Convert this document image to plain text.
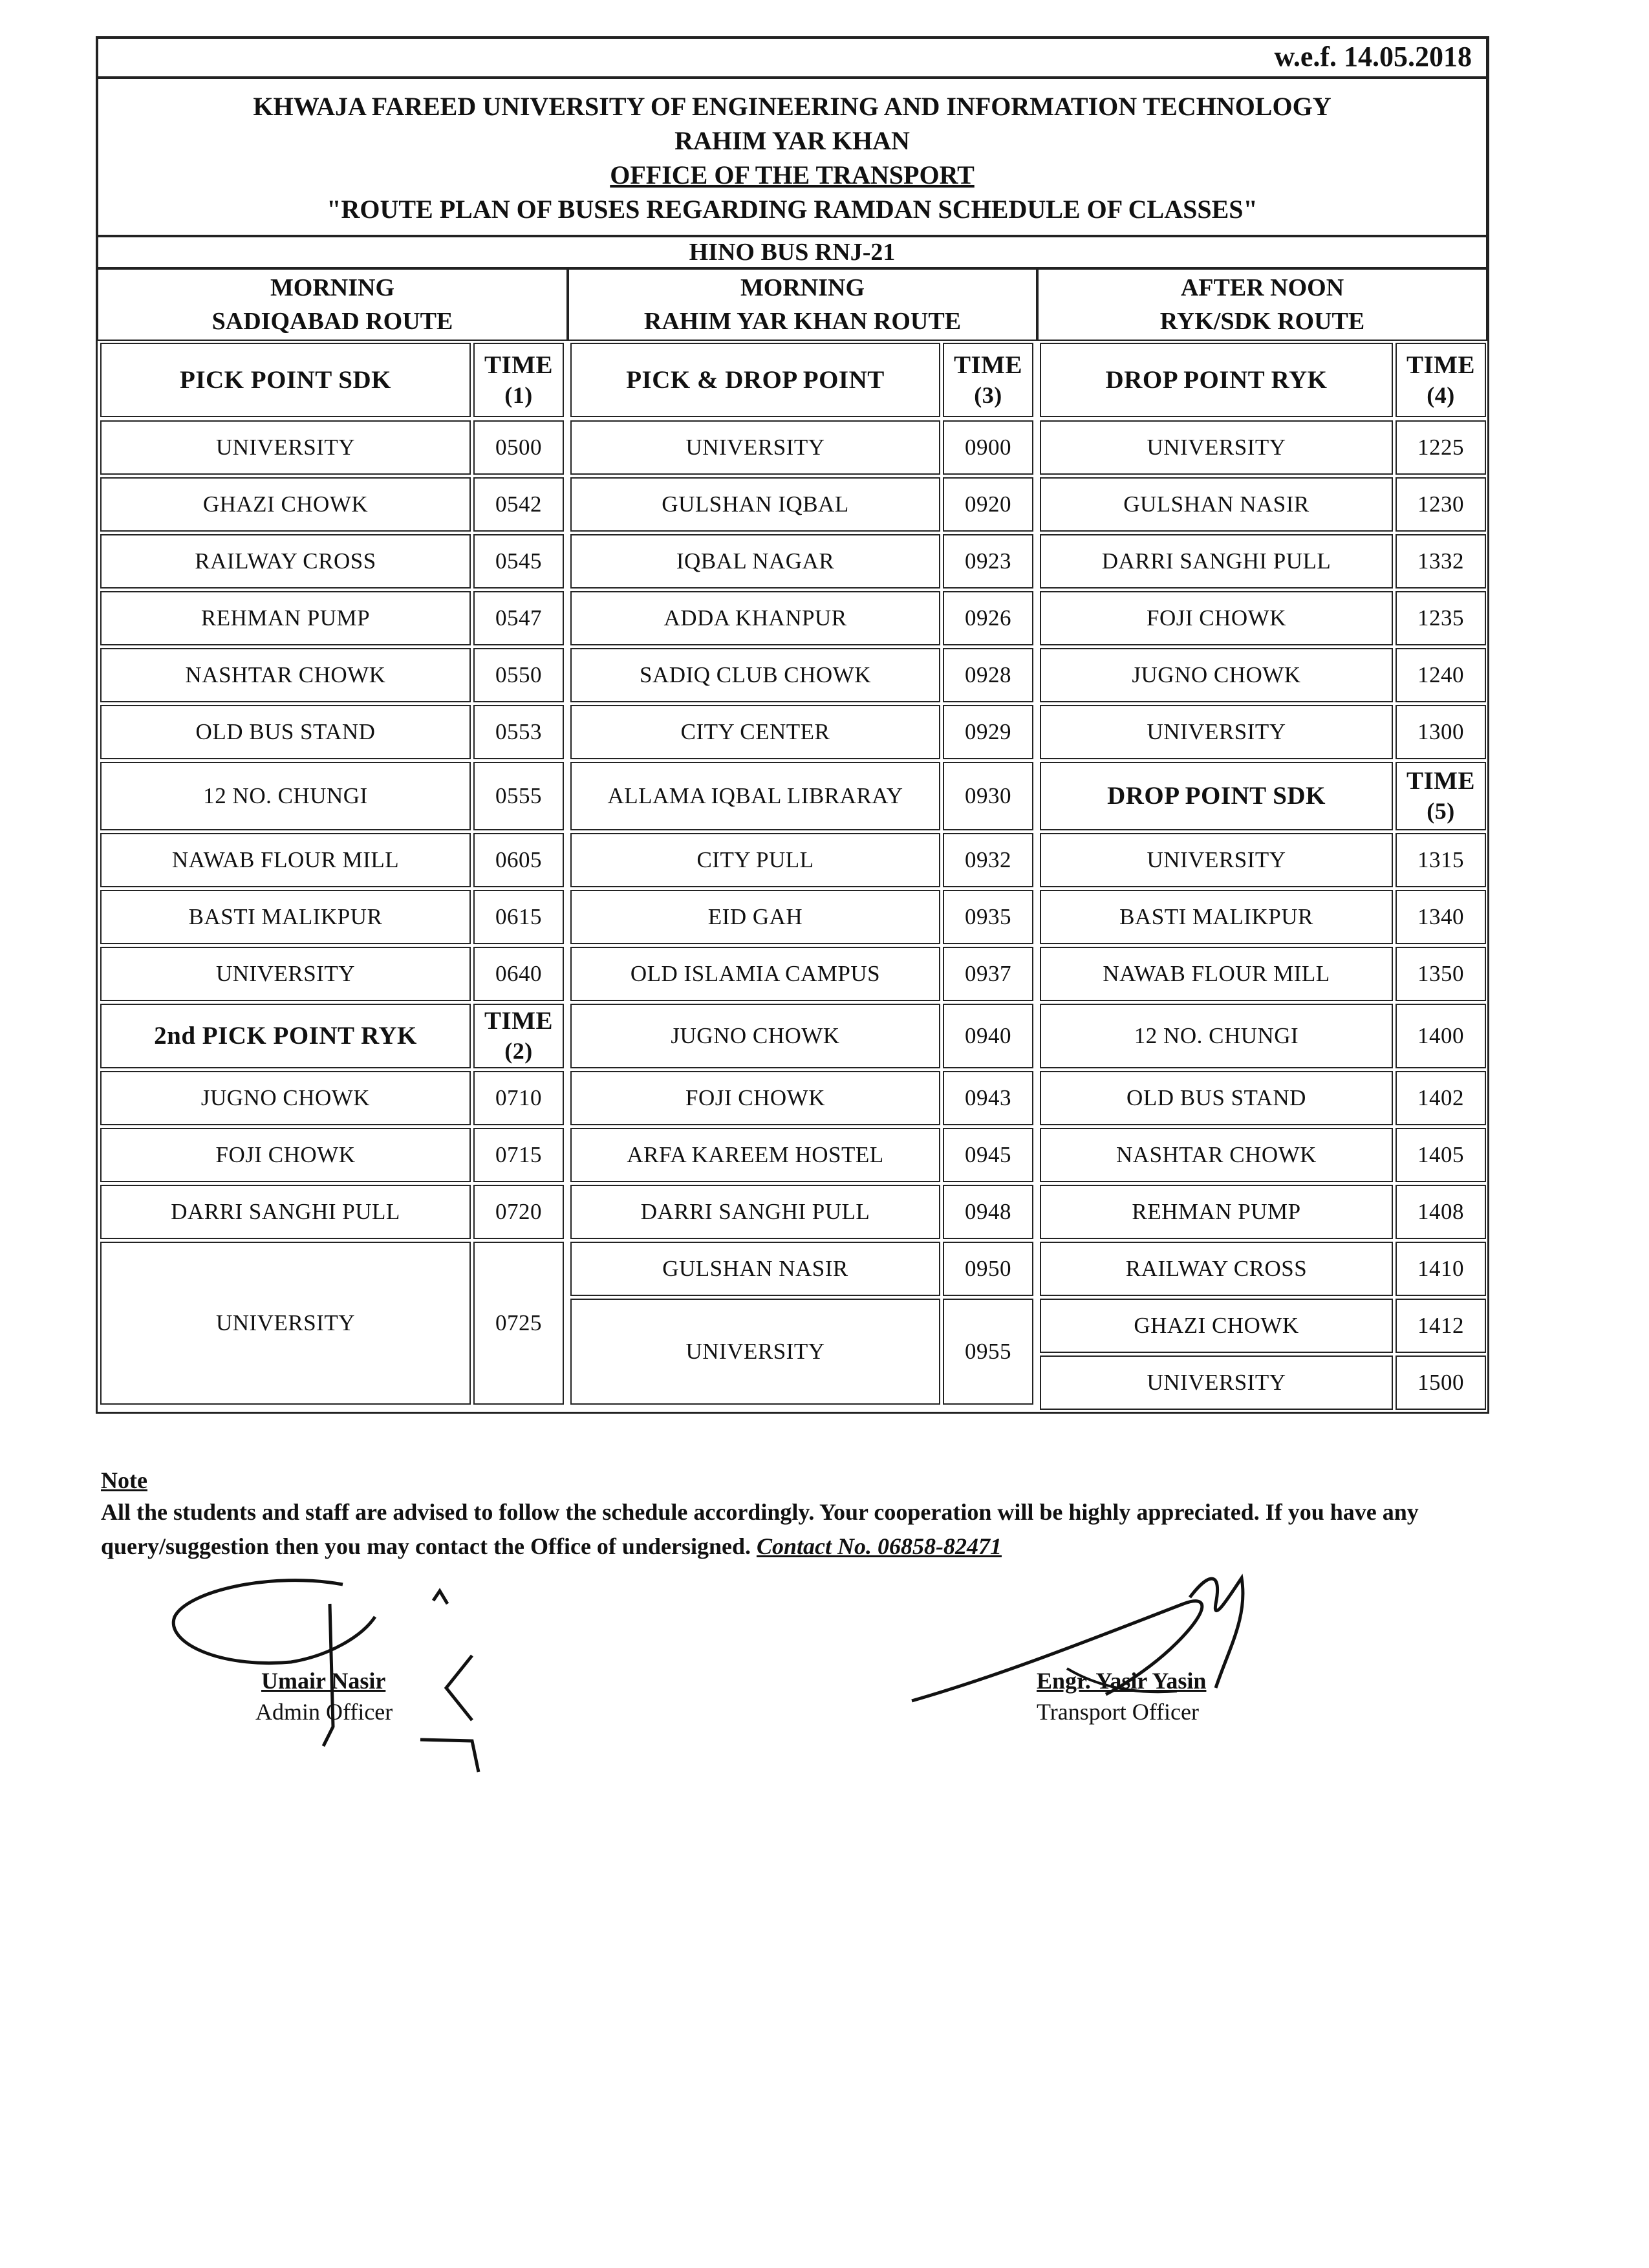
w.e.f. 14.05.2018
KHWAJA FAREED UNIVERSITY OF ENGINEERING AND INFORMATION TECHNOLOGY
RAHIM YAR KHAN
OFFICE OF THE TRANSPORT
"ROUTE PLAN OF BUSES REGARDING RAMDAN SCHEDULE OF CLASSES"
HINO BUS RNJ-21
MORNING
SADIQABAD ROUTE
MORNING
RAHIM YAR KHAN ROUTE
AFTER NOON
RYK/SDK ROUTE
PICK POINT SDK
TIME
(1)
PICK & DROP POINT
TIME
(3)
DROP POINT RYK
TIME
(4)
UNIVERSITY	0500
GHAZI CHOWK	0542
RAILWAY CROSS	0545
REHMAN PUMP	0547
NASHTAR CHOWK	0550
OLD BUS STAND	0553
12 NO. CHUNGI	0555
NAWAB FLOUR MILL	0605
BASTI MALIKPUR	0615
UNIVERSITY	0640
2nd PICK POINT RYK
TIME
(2)
JUGNO CHOWK	0710
FOJI CHOWK	0715
DARRI SANGHI PULL	0720
UNIVERSITY	0725
UNIVERSITY	0900
GULSHAN IQBAL	0920
IQBAL NAGAR	0923
ADDA KHANPUR	0926
SADIQ CLUB CHOWK	0928
CITY CENTER	0929
ALLAMA IQBAL LIBRARAY	0930
CITY PULL	0932
EID GAH	0935
OLD ISLAMIA CAMPUS	0937
JUGNO CHOWK	0940
FOJI CHOWK	0943
ARFA KAREEM HOSTEL	0945
DARRI SANGHI PULL	0948
GULSHAN NASIR	0950
UNIVERSITY	0955
UNIVERSITY	1225
GULSHAN NASIR	1230
DARRI SANGHI PULL	1332
FOJI CHOWK	1235
JUGNO CHOWK	1240
UNIVERSITY	1300
DROP POINT SDK
TIME
(5)
UNIVERSITY	1315
BASTI MALIKPUR	1340
NAWAB FLOUR MILL	1350
12 NO. CHUNGI	1400
OLD BUS STAND	1402
NASHTAR CHOWK	1405
REHMAN PUMP	1408
RAILWAY CROSS	1410
GHAZI CHOWK	1412
UNIVERSITY	1500
Note
All the students and staff are advised to follow the schedule accordingly. Your cooperation will be highly appreciated. If you have any query/suggestion then you may contact the Office of undersigned. Contact No. 06858-82471
Umair Nasir
Admin Officer
Engr. Yasir Yasin
Transport Officer
